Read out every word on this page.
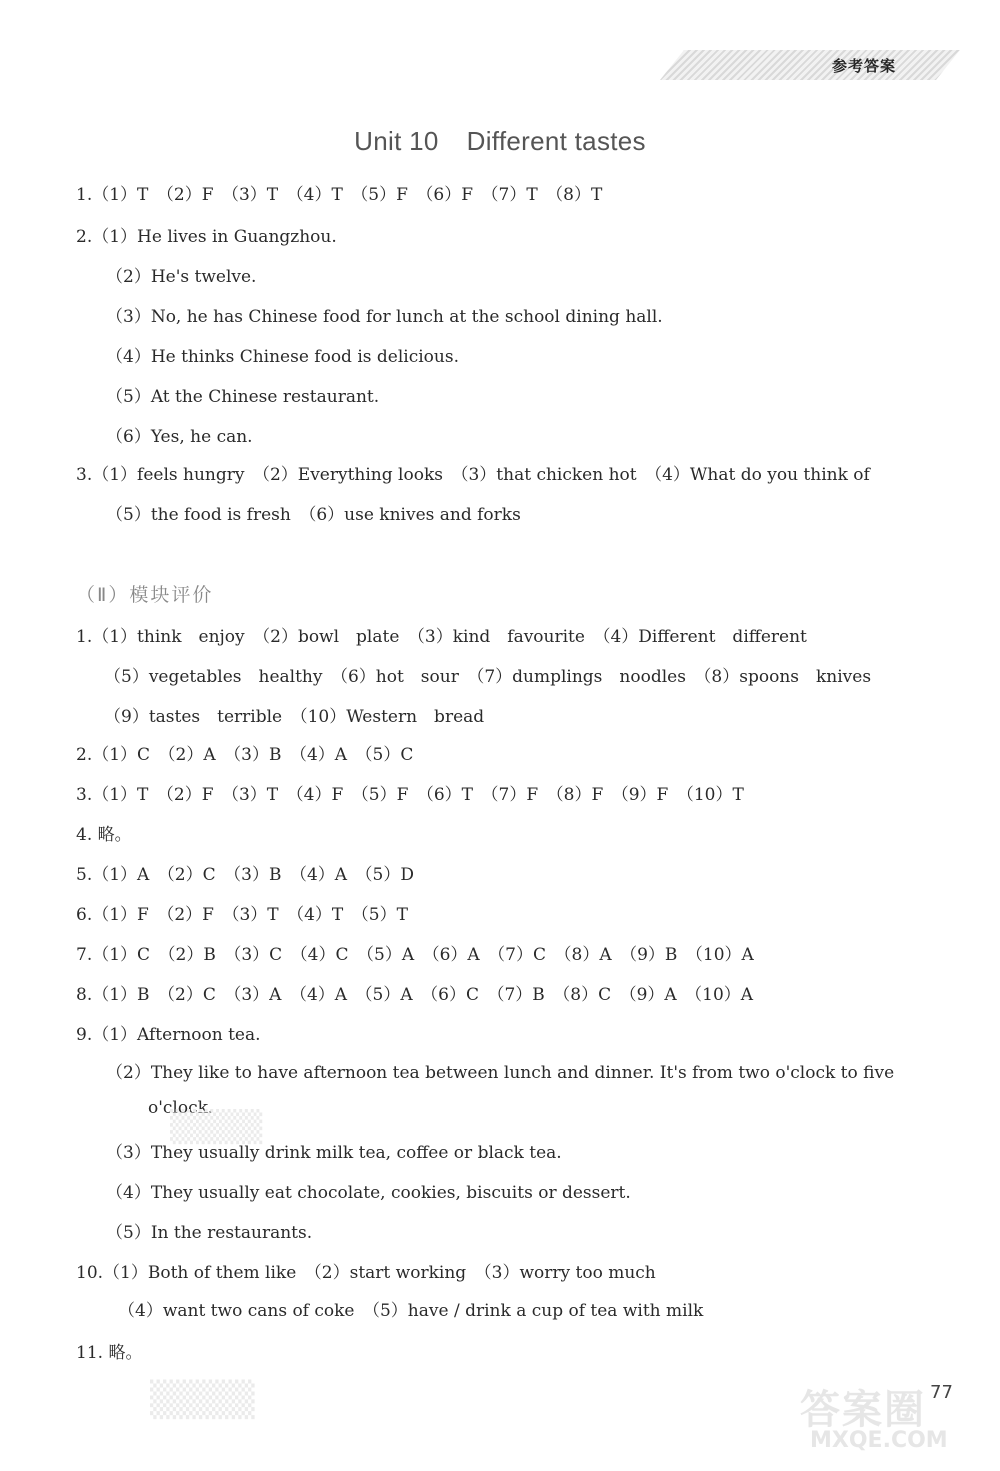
参考答案
Unit 10 Different tastes
1.（1）T　（2）F　（3）T　（4）T　（5）F　（6）F　（7）T　（8）T
2.（1）He lives in Guangzhou.
（2）He's twelve.
（3）No, he has Chinese food for lunch at the school dining hall.
（4）He thinks Chinese food is delicious.
（5）At the Chinese restaurant.
（6）Yes, he can.
3.（1）feels hungry　（2）Everything looks　（3）that chicken hot　（4）What do you think of
（5）the food is fresh　（6）use knives and forks
1.（1）think　enjoy　（2）bowl　plate　（3）kind　favourite　（4）Different　different
（5）vegetables　healthy　（6）hot　sour　（7）dumplings　noodles　（8）spoons　knives
（9）tastes　terrible　（10）Western　bread
2.（1）C　（2）A　（3）B　（4）A　（5）C
3.（1）T　（2）F　（3）T　（4）F　（5）F　（6）T　（7）F　（8）F　（9）F　（10）T
4. 略。
5.（1）A　（2）C　（3）B　（4）A　（5）D
6.（1）F　（2）F　（3）T　（4）T　（5）T
7.（1）C　（2）B　（3）C　（4）C　（5）A　（6）A　（7）C　（8）A　（9）B　（10）A
8.（1）B　（2）C　（3）A　（4）A　（5）A　（6）C　（7）B　（8）C　（9）A　（10）A
9.（1）Afternoon tea.
（2）They like to have afternoon tea between lunch and dinner. It's from two o'clock to five
o'clock.
（3）They usually drink milk tea, coffee or black tea.
（4）They usually eat chocolate, cookies, biscuits or dessert.
（5）In the restaurants.
10.（1）Both of them like　（2）start working　（3）worry too much
（4）want two cans of coke　（5）have / drink a cup of tea with milk
11. 略。
（Ⅱ）模块评价
▒▒▒▒
▒▒▒▒	答案圈
MXQE.COM
77
